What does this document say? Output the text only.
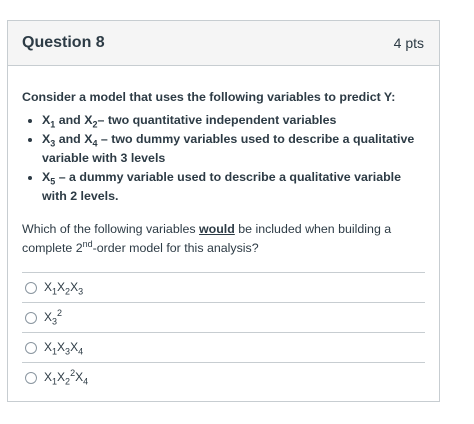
Question 8	4 pts
Consider a model that uses the following variables to predict Y:
• $X_1$ and $X_2-$ two quantitative independent variables
• $X_3$ and $X_4$ – two dummy variables used to describe a qualitative variable with 3 levels
• $X_5$ – a dummy variable used to describe a qualitative variable with 2 levels.
Which of the following variables would be included when building a complete 2nd-order model for this analysis?
$X_1X_2X_3$
$X_3^2$
$X_1X_3X_4$
$X_1X_2^2X_4$
